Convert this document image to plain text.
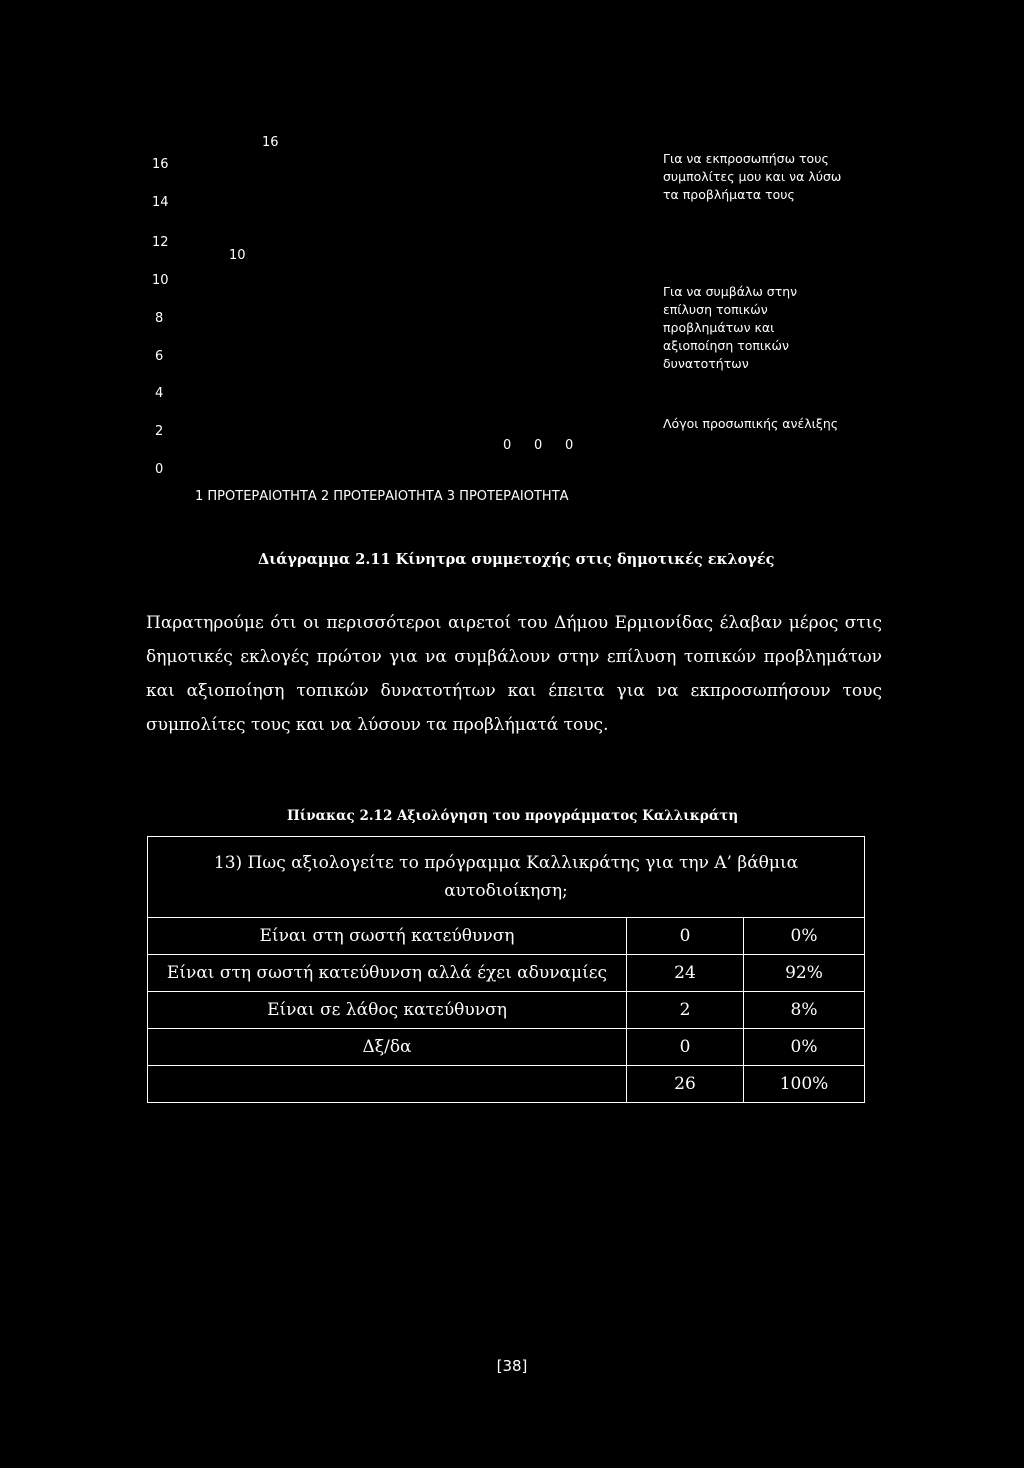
16
14
12
10
8
6
4
2
0
16
10
0 0 0
1 ΠΡΟΤΕΡΑΙΟΤΗΤΑ 2 ΠΡΟΤΕΡΑΙΟΤΗΤΑ 3 ΠΡΟΤΕΡΑΙΟΤΗΤΑ
Για να εκπροσωπήσω τους
συμπολίτες μου και να λύσω
τα προβλήματα τους
Για να συμβάλω στην
επίλυση τοπικών
προβλημάτων και
αξιοποίηση τοπικών
δυνατοτήτων
Λόγοι προσωπικής ανέλιξης
Διάγραμμα 2.11 Κίνητρα συμμετοχής στις δημοτικές εκλογές
Παρατηρούμε ότι οι περισσότεροι αιρετοί του Δήμου Ερμιονίδας έλαβαν μέρος στις δημοτικές εκλογές πρώτον για να συμβάλουν στην επίλυση τοπικών προβλημάτων και αξιοποίηση τοπικών δυνατοτήτων και έπειτα για να εκπροσωπήσουν τους συμπολίτες τους και να λύσουν τα προβλήματά τους.
Πίνακας 2.12 Αξιολόγηση του προγράμματος Καλλικράτη
13) Πως αξιολογείτε το πρόγραμμα Καλλικράτης για την Α’ βάθμια αυτοδιοίκηση;		
Είναι στη σωστή κατεύθυνση	0	0%
Είναι στη σωστή κατεύθυνση αλλά έχει αδυναμίες	24	92%
Είναι σε λάθος κατεύθυνση	2	8%
Δξ/δα	0	0%
	26	100%
[38]
